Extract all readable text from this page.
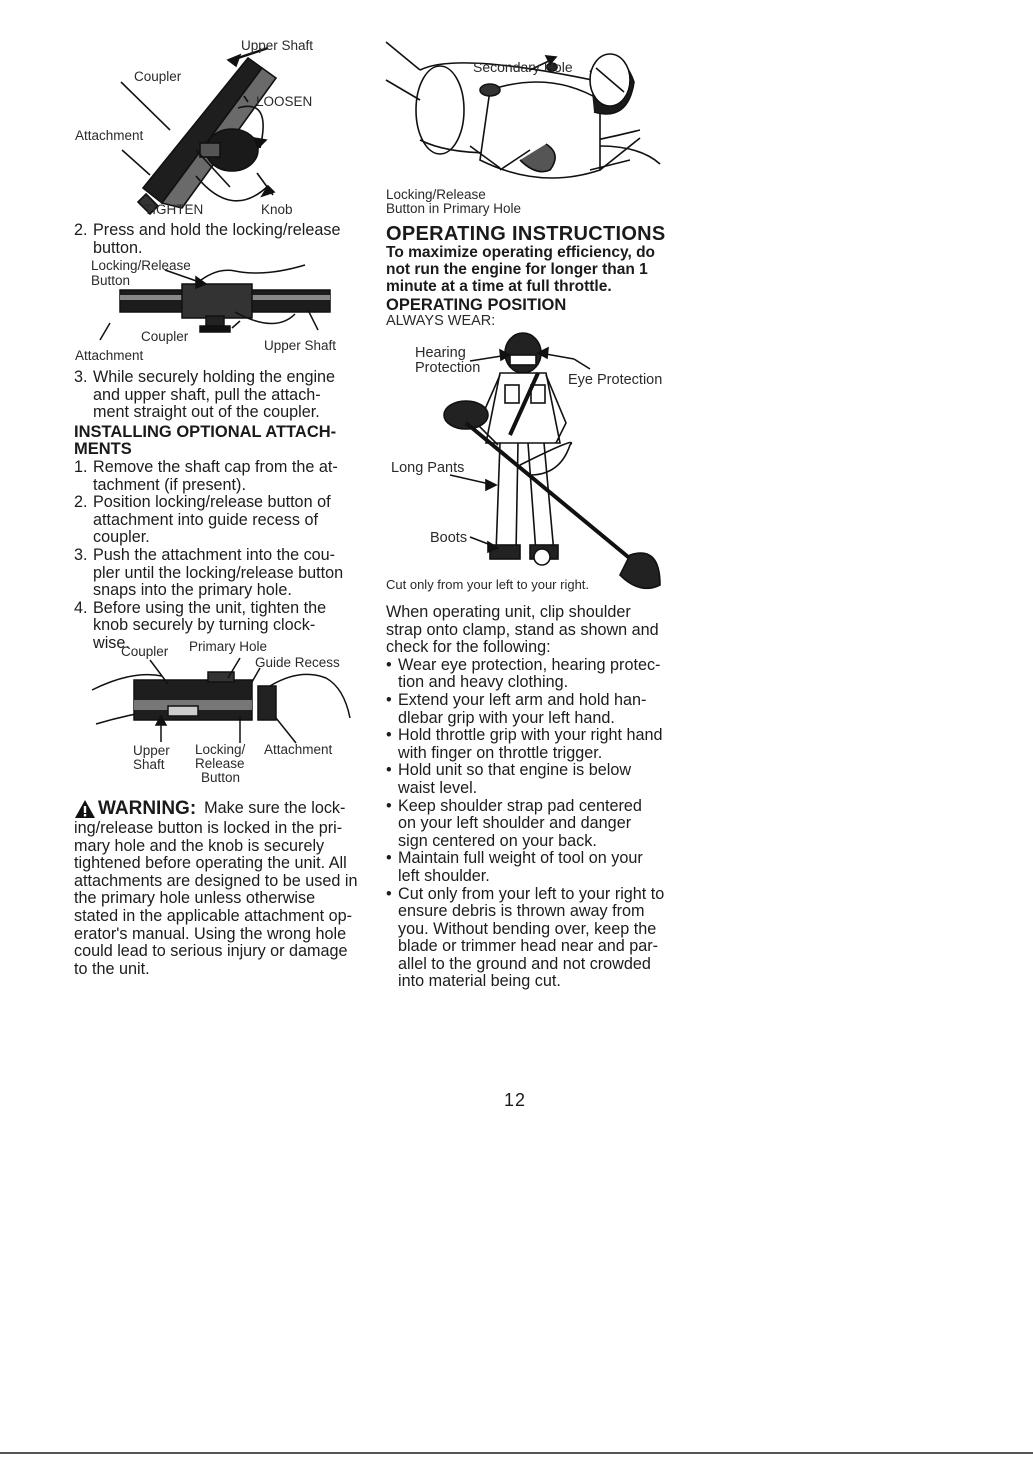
Upper Shaft
Coupler
LOOSEN
Attachment
TIGHTEN	Knob
2. Press and hold the locking/release button.
Locking/Release
Button
Coupler
Upper Shaft
Attachment
3. While securely holding the engine and upper shaft, pull the attach-ment straight out of the coupler.
INSTALLING OPTIONAL ATTACH-
MENTS
1. Remove the shaft cap from the at-tachment (if present).
2. Position locking/release button of attachment into guide recess of coupler.
3. Push the attachment into the cou-pler until the locking/release button snaps into the primary hole.
4. Before using the unit, tighten the knob securely by turning clock-wise.
Coupler Primary Hole
Guide Recess
Upper
Shaft
Locking/
Release
Button
Attachment
WARNING: Make sure the lock-
ing/release button is locked in the pri-
mary hole and the knob is securely
tightened before operating the unit. All
attachments are designed to be used in
the primary hole unless otherwise
stated in the applicable attachment op-
erator's manual. Using the wrong hole
could lead to serious injury or damage
to the unit.
Secondary Hole
Locking/Release
Button in Primary Hole
OPERATING INSTRUCTIONS
To maximize operating efficiency, do
not run the engine for longer than 1
minute at a time at full throttle.
OPERATING POSITION
ALWAYS WEAR:
Hearing
Protection
Eye Protection
Long Pants
Boots
Cut only from your left to your right.
When operating unit, clip shoulder
strap onto clamp, stand as shown and
check for the following:
• Wear eye protection, hearing protec-
tion and heavy clothing.
• Extend your left arm and hold han-
dlebar grip with your left hand.
• Hold throttle grip with your right hand
with finger on throttle trigger.
• Hold unit so that engine is below
waist level.
• Keep shoulder strap pad centered
on your left shoulder and danger
sign centered on your back.
• Maintain full weight of tool on your
left shoulder.
• Cut only from your left to your right to
ensure debris is thrown away from
you. Without bending over, keep the
blade or trimmer head near and par-
allel to the ground and not crowded
into material being cut.
12
